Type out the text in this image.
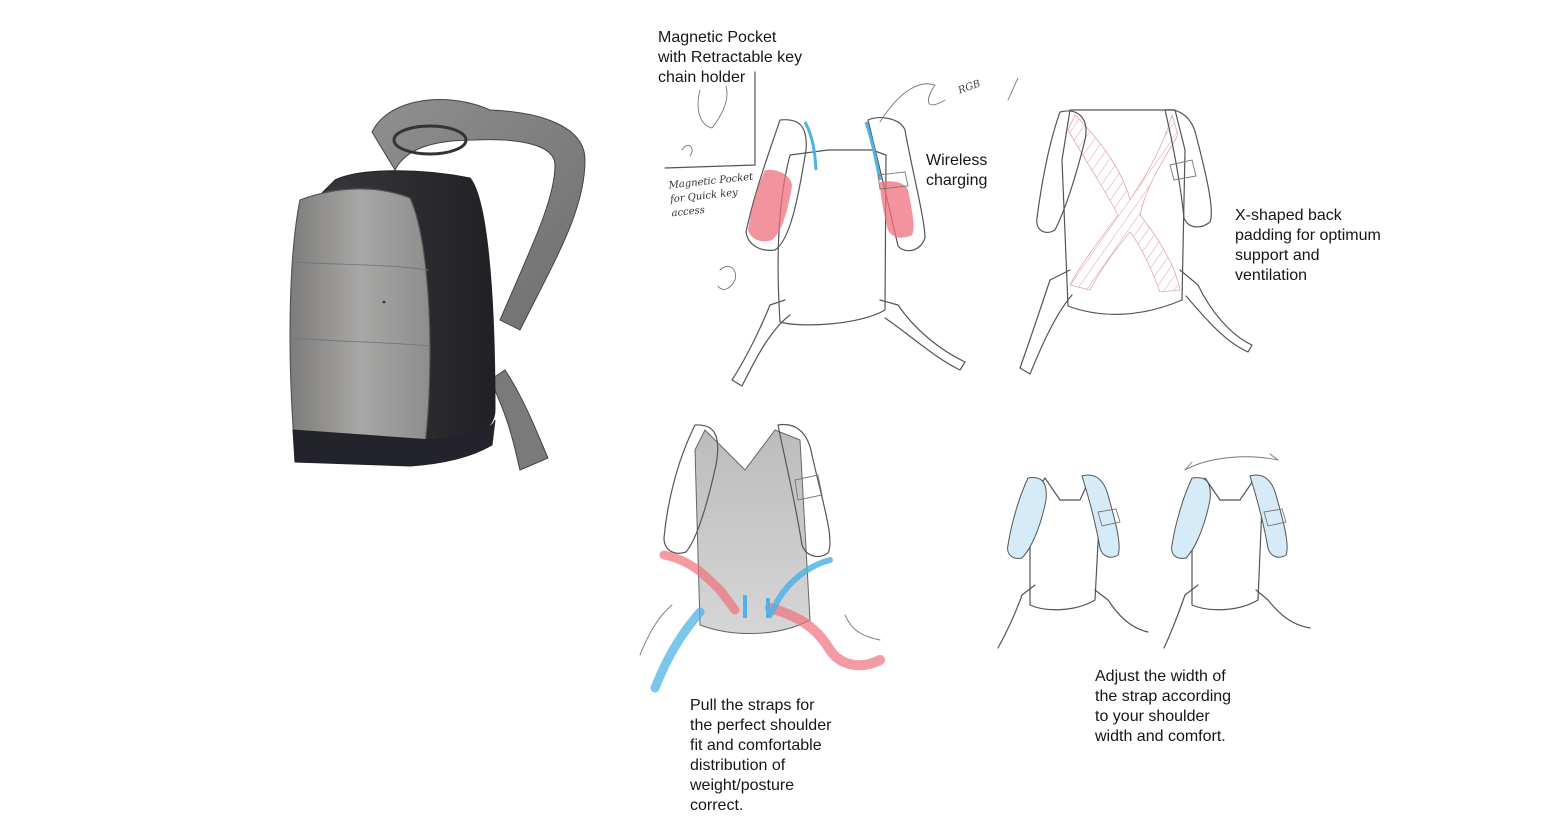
Magnetic Pocket
with Retractable key
chain holder
Magnetic Pocket
for Quick key
access
RGB
Wireless
charging
X-shaped back
padding for optimum
support and
ventilation
Pull the straps for
the perfect shoulder
fit and comfortable
distribution of
weight/posture
correct.
Adjust the width of
the strap according
to your shoulder
width and comfort.
